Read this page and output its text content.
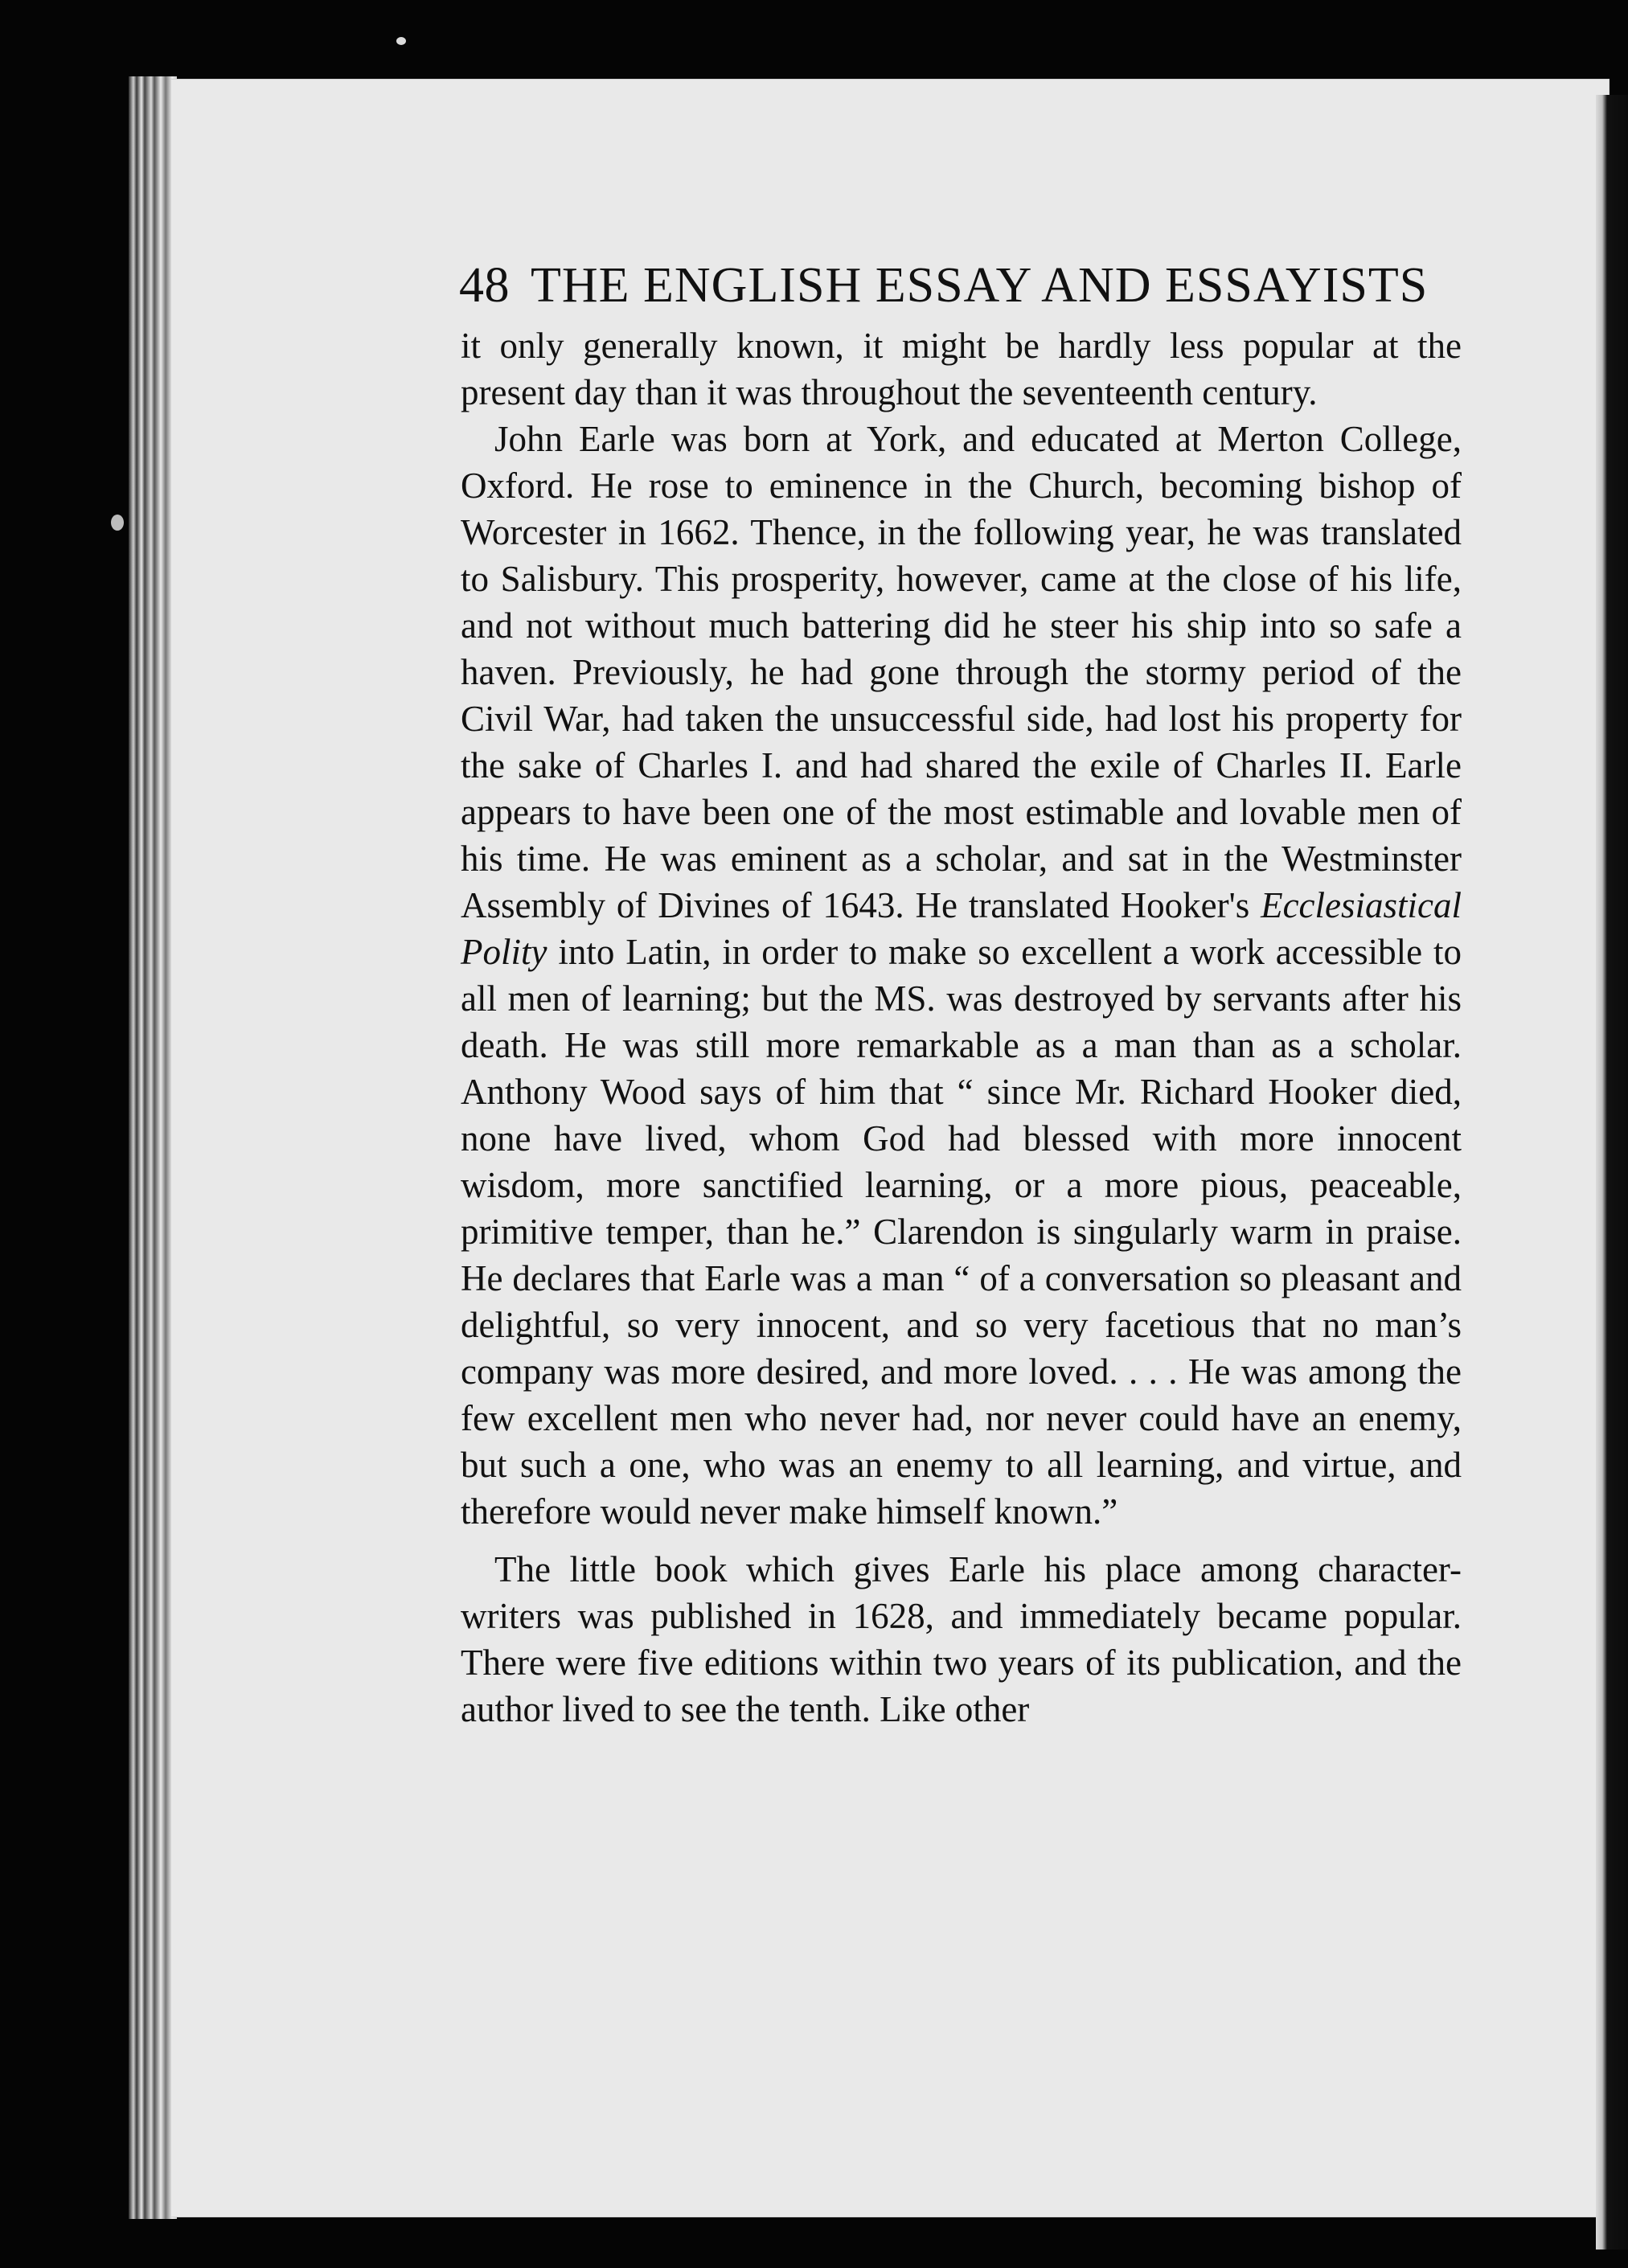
48 THE ENGLISH ESSAY AND ESSAYISTS

it only generally known, it might be hardly less popular at the present day than it was throughout the seventeenth century.

John Earle was born at York, and educated at Merton College, Oxford. He rose to eminence in the Church, becoming bishop of Worcester in 1662. Thence, in the following year, he was translated to Salisbury. This prosperity, however, came at the close of his life, and not without much battering did he steer his ship into so safe a haven. Previously, he had gone through the stormy period of the Civil War, had taken the unsuccessful side, had lost his property for the sake of Charles I. and had shared the exile of Charles II. Earle appears to have been one of the most estimable and lovable men of his time. He was eminent as a scholar, and sat in the Westminster Assembly of Divines of 1643. He translated Hooker's Ecclesiastical Polity into Latin, in order to make so excellent a work accessible to all men of learning; but the MS. was destroyed by servants after his death. He was still more remarkable as a man than as a scholar. Anthony Wood says of him that “ since Mr. Richard Hooker died, none have lived, whom God had blessed with more innocent wisdom, more sanctified learning, or a more pious, peaceable, primitive temper, than he.” Clarendon is singularly warm in praise. He declares that Earle was a man “ of a conversation so pleasant and delightful, so very innocent, and so very facetious that no man’s company was more desired, and more loved. . . . He was among the few excellent men who never had, nor never could have an enemy, but such a one, who was an enemy to all learning, and virtue, and therefore would never make himself known.”

The little book which gives Earle his place among character-writers was published in 1628, and immediately became popular. There were five editions within two years of its publication, and the author lived to see the tenth. Like other
